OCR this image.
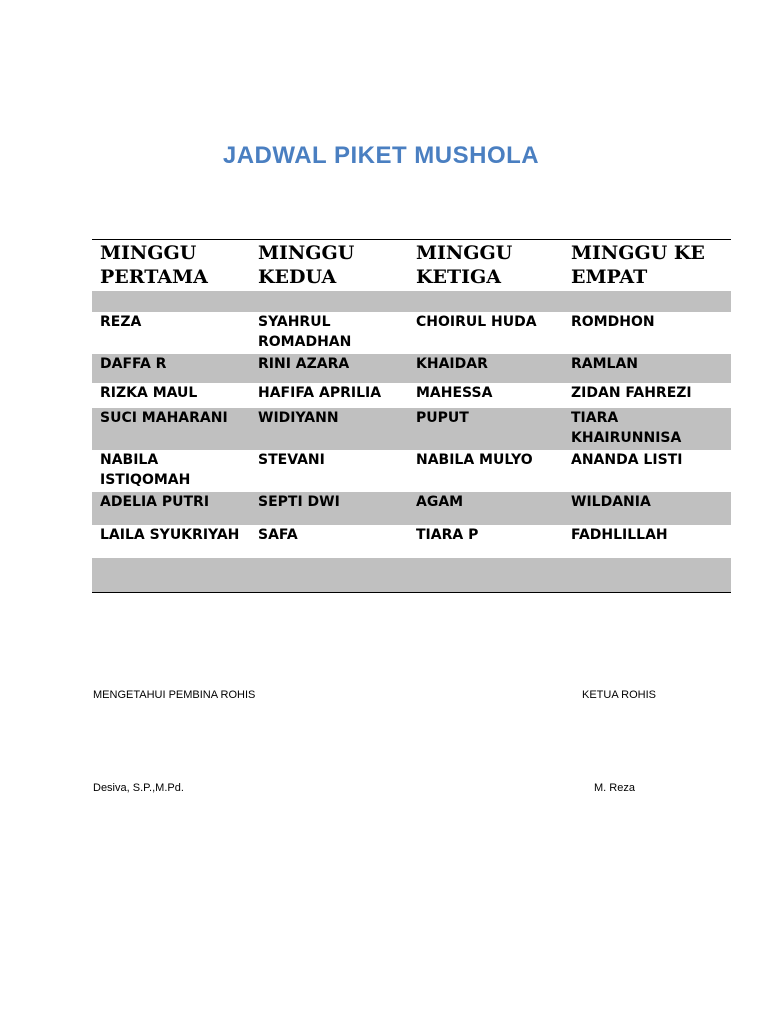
JADWAL PIKET MUSHOLA
MINGGU PERTAMA	MINGGU KEDUA	MINGGU KETIGA	MINGGU KE EMPAT

REZA	SYAHRUL ROMADHAN	CHOIRUL HUDA	ROMDHON
DAFFA R	RINI AZARA	KHAIDAR	RAMLAN
RIZKA MAUL	HAFIFA APRILIA	MAHESSA	ZIDAN FAHREZI
SUCI MAHARANI	WIDIYANN	PUPUT	TIARA KHAIRUNNISA
NABILA ISTIQOMAH	STEVANI	NABILA MULYO	ANANDA LISTI
ADELIA PUTRI	SEPTI DWI	AGAM	WILDANIA
LAILA SYUKRIYAH	SAFA	TIARA P	FADHLILLAH

MENGETAHUI PEMBINA ROHIS	KETUA ROHIS
Desiva, S.P.,M.Pd.	M. Reza
